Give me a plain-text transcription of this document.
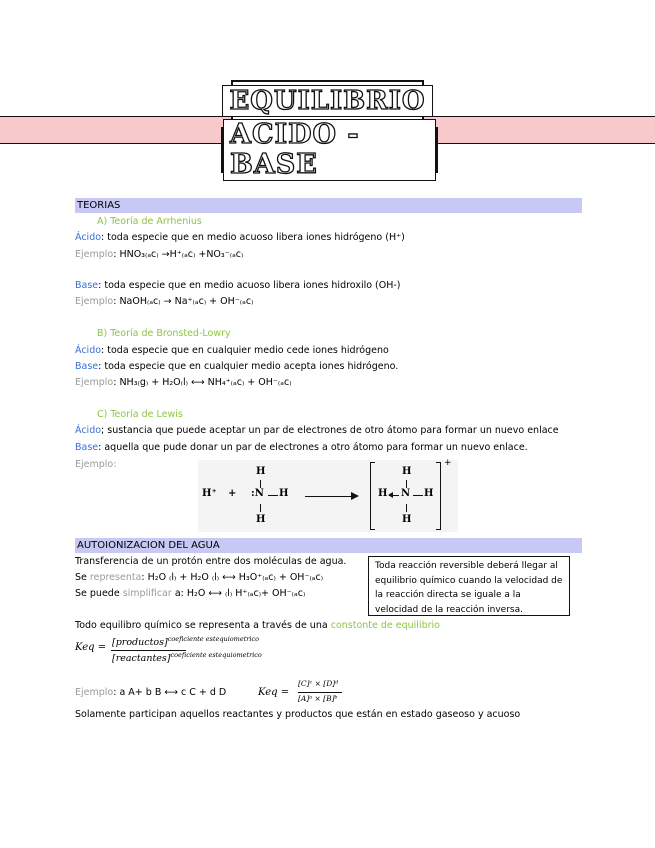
EQUILIBRIO
ACIDO - BASE
TEORIAS
A) Teoría de Arrhenius
Ácido: toda especie que en medio acuoso libera iones hidrógeno (H⁺)
Ejemplo: HNO₃₍ₐc₎ →H⁺₍ₐc₎ +NO₃⁻₍ₐc₎
Base: toda especie que en medio acuoso libera iones hidroxilo (OH-)
Ejemplo: NaOH₍ₐc₎ → Na⁺₍ₐc₎ + OH⁻₍ₐc₎
B) Teoría de Bronsted-Lowry
Ácido: toda especie que en cualquier medio cede iones hidrógeno
Base: toda especie que en cualquier medio acepta iones hidrógeno.
Ejemplo: NH₃₍g₎ + H₂O₍l₎ ⟷ NH₄⁺₍ₐc₎ + OH⁻₍ₐc₎
C) Teoría de Lewis
Ácido; sustancia que puede aceptar un par de electrones de otro átomo para formar un nuevo enlace
Base: aquella que pude donar un par de electrones a otro átomo para formar un nuevo enlace.
Ejemplo:
H⁺ +
H
:N H
H
+
H
H N H
H
AUTOIONIZACION DEL AGUA
Transferencia de un protón entre dos moléculas de agua.
Se representa: H₂O ₍l₎ + H₂O ₍l₎ ⟷ H₃O⁺₍ₐc₎ + OH⁻₍ₐc₎
Se puede simplificar a: H₂O ⟷ ₍l₎ H⁺₍ₐc₎+ OH⁻₍ₐc₎
Toda reacción reversible deberá llegar al equilibrio químico cuando la velocidad de la reacción directa se iguale a la velocidad de la reacción inversa.
Todo equilibro químico se representa a través de una constonte de equilibrio
Keq = [productos]$^{coeficiente estequiometrico}$
[reactantes]$^{coeficiente estequiometrico}$
Ejemplo: a A+ b B ⟷ c C + d D	Keq =
[C]ᶜ × [D]ᵈ
[A]ᵃ × [B]ᵇ
Solamente participan aquellos reactantes y productos que están en estado gaseoso y acuoso
